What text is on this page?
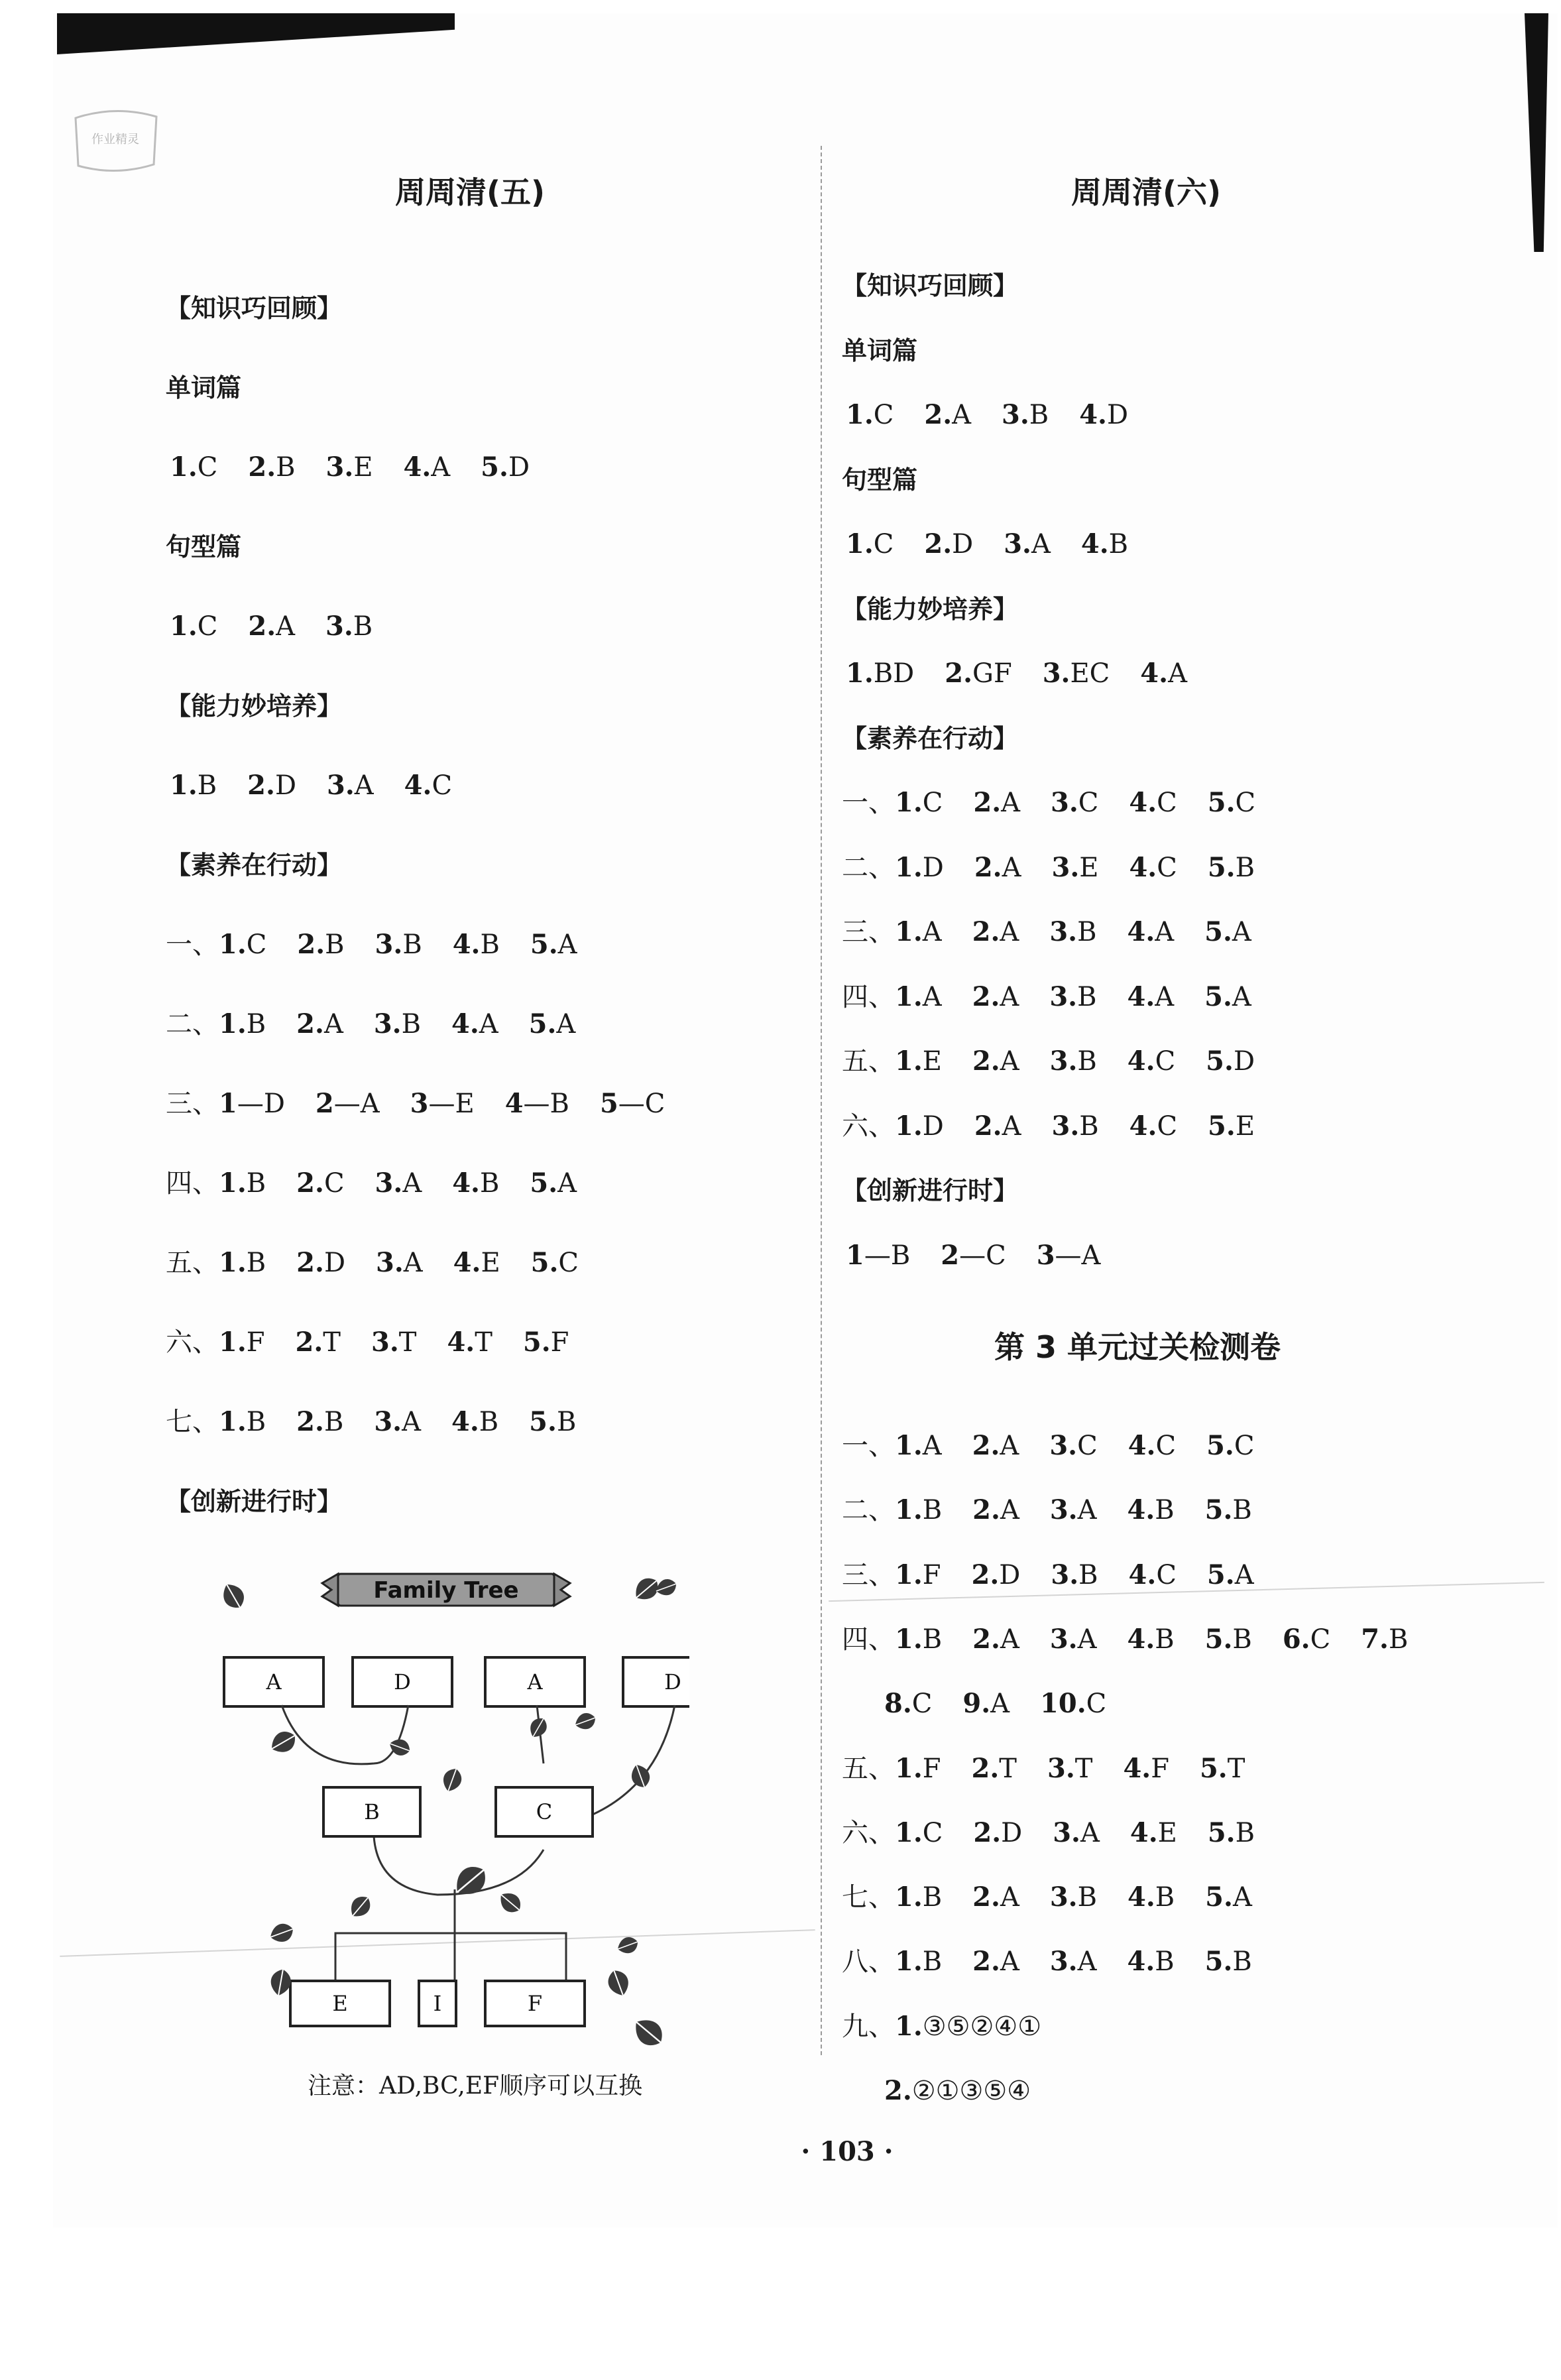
作业精灵
周周清(五)
【知识巧回顾】
单词篇
1.C 2.B 3.E 4.A 5.D
句型篇
1.C 2.A 3.B
【能力妙培养】
1.B 2.D 3.A 4.C
【素养在行动】
一、1.C 2.B 3.B 4.B 5.A
二、1.B 2.A 3.B 4.A 5.A
三、1—D 2—A 3—E 4—B 5—C
四、1.B 2.C 3.A 4.B 5.A
五、1.B 2.D 3.A 4.E 5.C
六、1.F 2.T 3.T 4.T 5.F
七、1.B 2.B 3.A 4.B 5.B
【创新进行时】
周周清(六)
【知识巧回顾】
单词篇
1.C 2.A 3.B 4.D
句型篇
1.C 2.D 3.A 4.B
【能力妙培养】
1.BD 2.GF 3.EC 4.A
【素养在行动】
一、1.C 2.A 3.C 4.C 5.C
二、1.D 2.A 3.E 4.C 5.B
三、1.A 2.A 3.B 4.A 5.A
四、1.A 2.A 3.B 4.A 5.A
五、1.E 2.A 3.B 4.C 5.D
六、1.D 2.A 3.B 4.C 5.E
【创新进行时】
1—B 2—C 3—A
第 3 单元过关检测卷
一、1.A 2.A 3.C 4.C 5.C
二、1.B 2.A 3.A 4.B 5.B
三、1.F 2.D 3.B 4.C 5.A
四、1.B 2.A 3.A 4.B 5.B 6.C 7.B
8.C 9.A 10.C
五、1.F 2.T 3.T 4.F 5.T
六、1.C 2.D 3.A 4.E 5.B
七、1.B 2.A 3.B 4.B 5.A
八、1.B 2.A 3.A 4.B 5.B
九、1.③⑤②④①
2.②①③⑤④
Family Tree
A	D	A	D
B	C
E	I	F
注意：AD,BC,EF顺序可以互换
· 103 ·
